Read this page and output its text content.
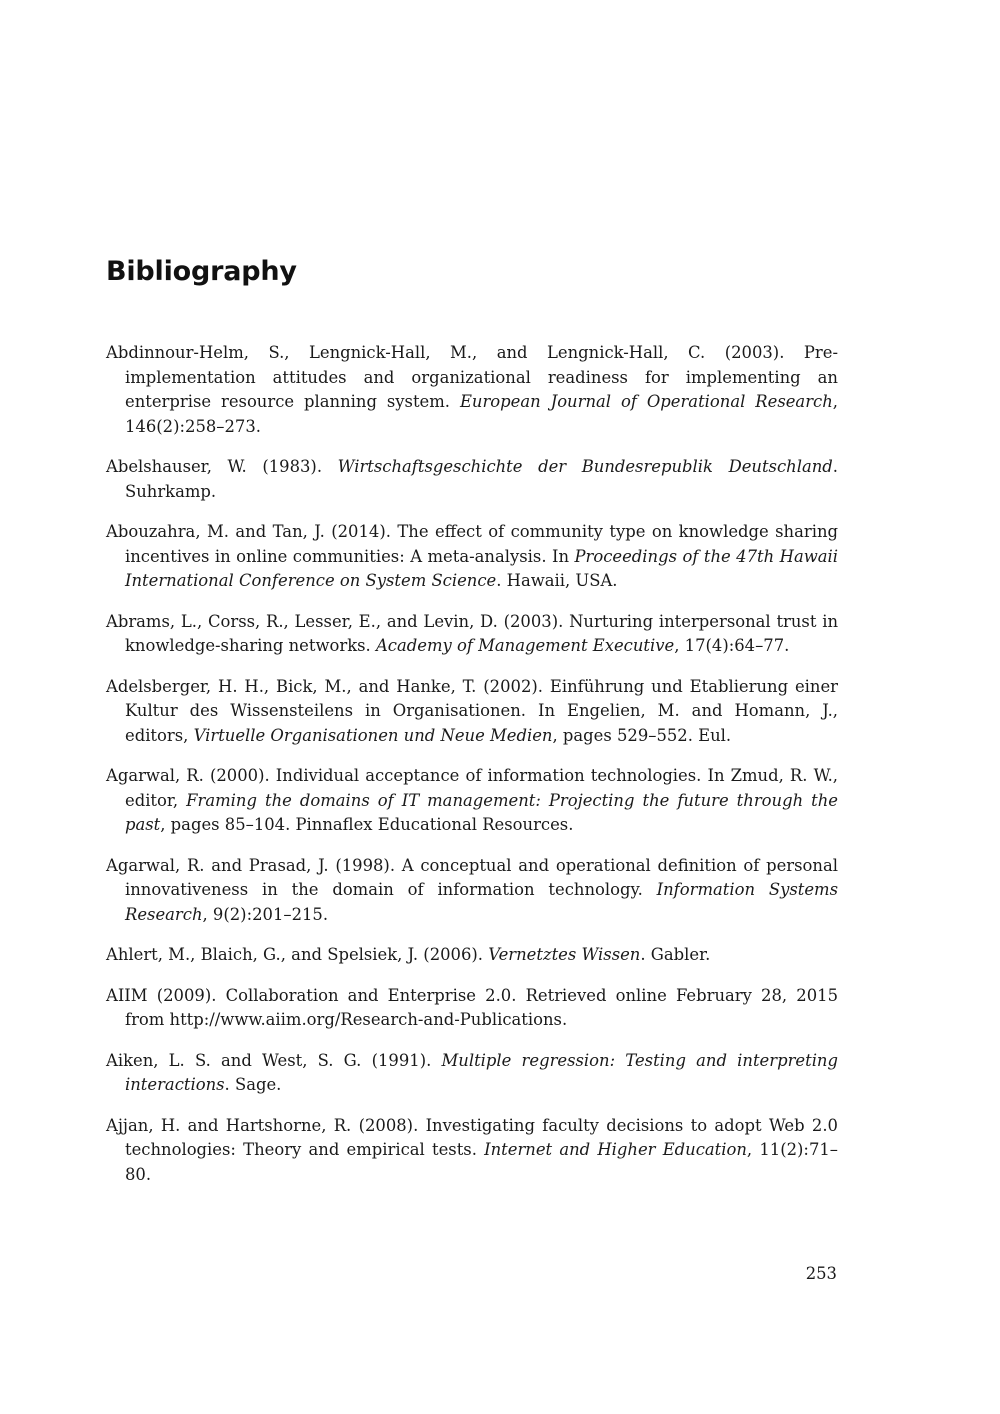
Bibliography
Abdinnour-Helm, S., Lengnick-Hall, M., and Lengnick-Hall, C. (2003). Pre-implementation attitudes and organizational readiness for implementing an enterprise resource planning system. European Journal of Operational Research, 146(2):258–273.
Abelshauser, W. (1983). Wirtschaftsgeschichte der Bundesrepublik Deutschland. Suhrkamp.
Abouzahra, M. and Tan, J. (2014). The effect of community type on knowledge sharing incentives in online communities: A meta-analysis. In Proceedings of the 47th Hawaii International Conference on System Science. Hawaii, USA.
Abrams, L., Corss, R., Lesser, E., and Levin, D. (2003). Nurturing interpersonal trust in knowledge-sharing networks. Academy of Management Executive, 17(4):64–77.
Adelsberger, H. H., Bick, M., and Hanke, T. (2002). Einführung und Etablierung einer Kultur des Wissensteilens in Organisationen. In Engelien, M. and Homann, J., editors, Virtuelle Organisationen und Neue Medien, pages 529–552. Eul.
Agarwal, R. (2000). Individual acceptance of information technologies. In Zmud, R. W., editor, Framing the domains of IT management: Projecting the future through the past, pages 85–104. Pinnaflex Educational Resources.
Agarwal, R. and Prasad, J. (1998). A conceptual and operational definition of personal innovativeness in the domain of information technology. Information Systems Research, 9(2):201–215.
Ahlert, M., Blaich, G., and Spelsiek, J. (2006). Vernetztes Wissen. Gabler.
AIIM (2009). Collaboration and Enterprise 2.0. Retrieved online February 28, 2015 from http://www.aiim.org/Research-and-Publications.
Aiken, L. S. and West, S. G. (1991). Multiple regression: Testing and interpreting interactions. Sage.
Ajjan, H. and Hartshorne, R. (2008). Investigating faculty decisions to adopt Web 2.0 technologies: Theory and empirical tests. Internet and Higher Education, 11(2):71–80.
253
